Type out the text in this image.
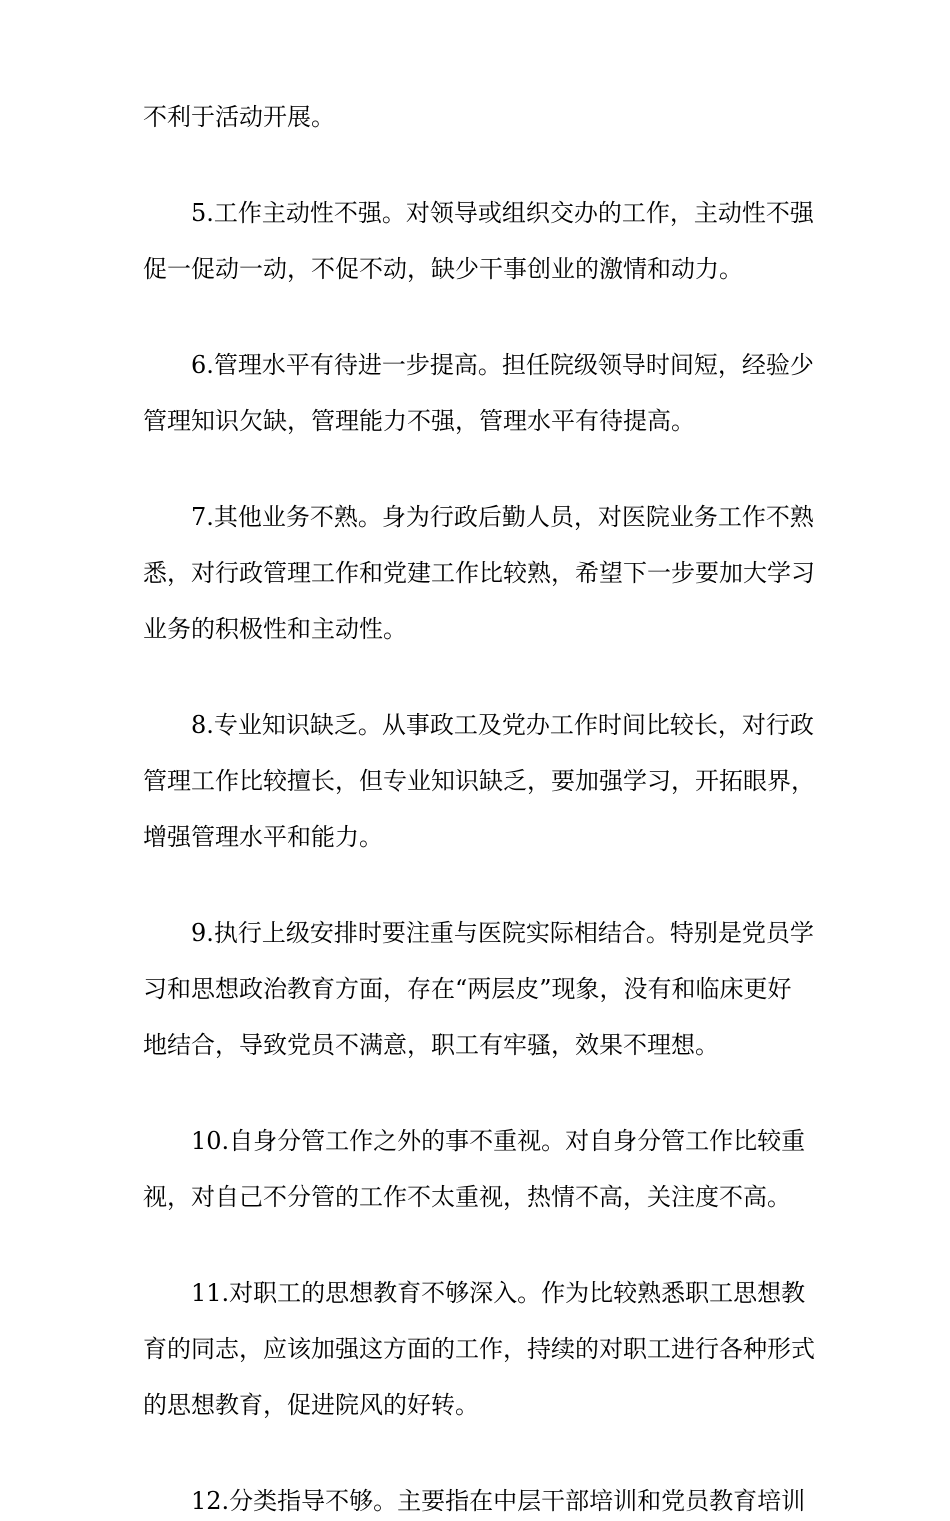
不利于活动开展。
5.工作主动性不强。对领导或组织交办的工作，主动性不强
促一促动一动，不促不动，缺少干事创业的激情和动力。
6.管理水平有待进一步提高。担任院级领导时间短，经验少
管理知识欠缺，管理能力不强，管理水平有待提高。
7.其他业务不熟。身为行政后勤人员，对医院业务工作不熟
悉，对行政管理工作和党建工作比较熟，希望下一步要加大学习
业务的积极性和主动性。
8.专业知识缺乏。从事政工及党办工作时间比较长，对行政
管理工作比较擅长，但专业知识缺乏，要加强学习，开拓眼界，
增强管理水平和能力。
9.执行上级安排时要注重与医院实际相结合。特别是党员学
习和思想政治教育方面，存在“两层皮”现象，没有和临床更好
地结合，导致党员不满意，职工有牢骚，效果不理想。
10.自身分管工作之外的事不重视。对自身分管工作比较重
视，对自己不分管的工作不太重视，热情不高，关注度不高。
11.对职工的思想教育不够深入。作为比较熟悉职工思想教
育的同志，应该加强这方面的工作，持续的对职工进行各种形式
的思想教育，促进院风的好转。
12.分类指导不够。主要指在中层干部培训和党员教育培训
